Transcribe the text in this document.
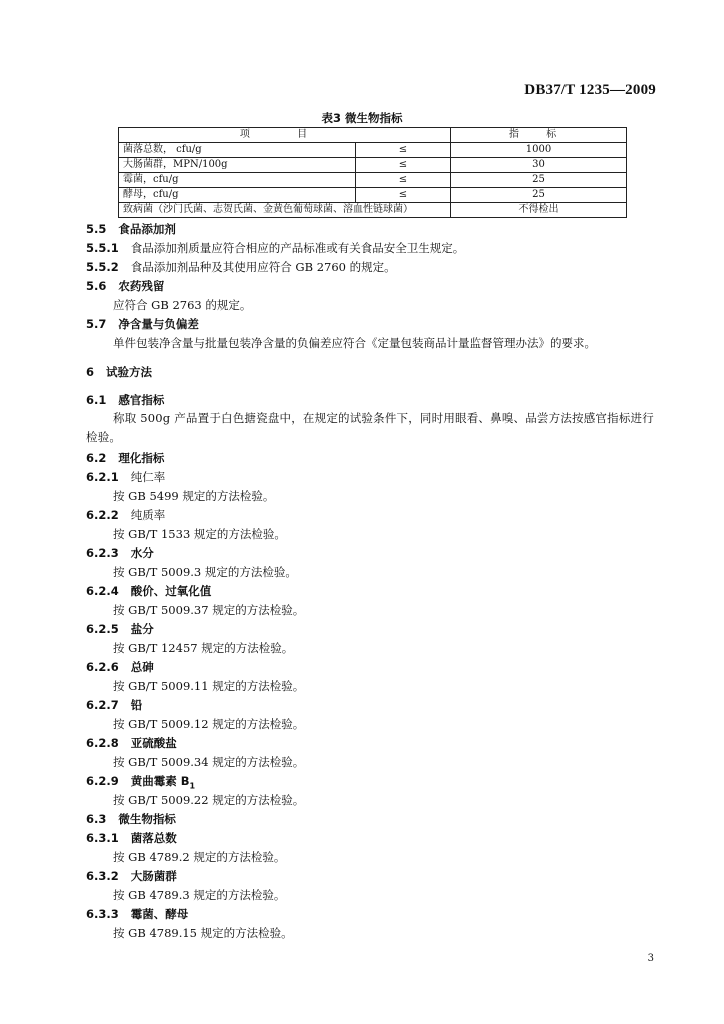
DB37/T 1235—2009
表3 微生物指标
项 目		指 标
菌落总数， cfu/g	≤	1000
大肠菌群，MPN/100g	≤	30
霉菌，cfu/g	≤	25
酵母，cfu/g	≤	25
致病菌（沙门氏菌、志贺氏菌、金黄色葡萄球菌、溶血性链球菌）		不得检出
5.5 食品添加剂
5.5.1 食品添加剂质量应符合相应的产品标准或有关食品安全卫生规定。
5.5.2 食品添加剂品种及其使用应符合 GB 2760 的规定。
5.6 农药残留
应符合 GB 2763 的规定。
5.7 净含量与负偏差
单件包装净含量与批量包装净含量的负偏差应符合《定量包装商品计量监督管理办法》的要求。
6 试验方法
6.1 感官指标
称取 500g 产品置于白色搪瓷盘中，在规定的试验条件下，同时用眼看、鼻嗅、品尝方法按感官指标进行检验。
6.2 理化指标
6.2.1 纯仁率
按 GB 5499 规定的方法检验。
6.2.2 纯质率
按 GB/T 1533 规定的方法检验。
6.2.3 水分
按 GB/T 5009.3 规定的方法检验。
6.2.4 酸价、过氧化值
按 GB/T 5009.37 规定的方法检验。
6.2.5 盐分
按 GB/T 12457 规定的方法检验。
6.2.6 总砷
按 GB/T 5009.11 规定的方法检验。
6.2.7 铅
按 GB/T 5009.12 规定的方法检验。
6.2.8 亚硫酸盐
按 GB/T 5009.34 规定的方法检验。
6.2.9 黄曲霉素 $B_1$
按 GB/T 5009.22 规定的方法检验。
6.3 微生物指标
6.3.1 菌落总数
按 GB 4789.2 规定的方法检验。
6.3.2 大肠菌群
按 GB 4789.3 规定的方法检验。
6.3.3 霉菌、酵母
按 GB 4789.15 规定的方法检验。
3
